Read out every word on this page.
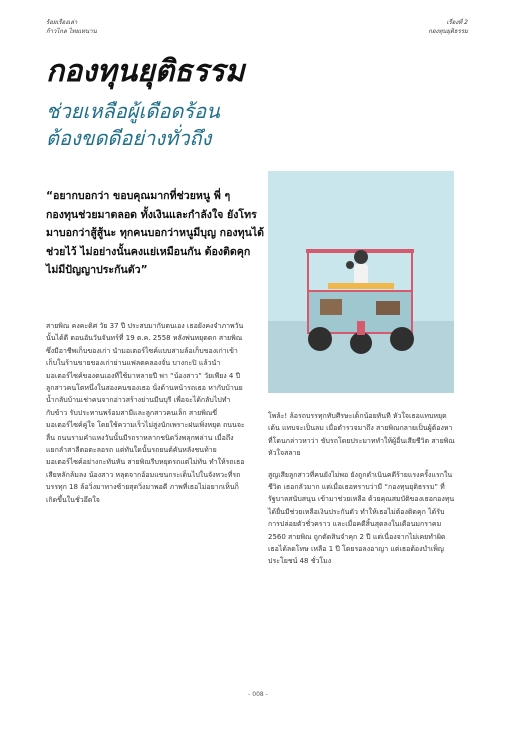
ร้อยเรื่องเล่า
ก้าวไกล ไทยเทนาน
เรื่องที่ 2
กองทุนยุติธรรม
กองทุนยุติธรรม
ช่วยเหลือผู้เดือดร้อน
ต้องขดดีอย่างทั่วถึง

“อยากบอกว่า ขอบคุณมากที่ช่วยหนู พี่ ๆ กองทุนช่วยมาตลอด ทั้งเงินและกำลังใจ ยังโทรมาบอกว่าสู้สู้นะ ทุกคนบอกว่าหนูมีบุญ กองทุนได้ช่วยไว้ ไม่อย่างนั้นคงแย่เหมือนกัน ต้องติดคุกไม่มีปัญญาประกันตัว”

สายพิณ คงคะดิศ วัย 37 ปี ประสบมากับตนเอง เธอยังคงจำภาพวันนั้นได้ดี ตอนอันวันจันทร์ที่ 19 ต.ค. 2558 หลังพ่นหยุดตก สายพิณ ซึ่งมีอาชีพเก็บของเก่า นำมอเตอร์ไซค์แบบสามล้อเก็บของเก่าเข้าเก็บในร้านขายของเก่าย่านแฟลตคลองจั่น บางกะปิ แล้วนำมอเตอร์ไซค์ของตนเองที่ใช้มาหลายปี พา “น้องสาว” วัยเพียง 4 ปี ลูกสาวคนโตหนึ่งในสองคนของเธอ นั่งด้านหน้ารถเธอ หากับบ้านยน้ำกลับบ้านเช่าคนจากอ่าวสร้างย่านมีนบุรี เพื่อจะได้กลับไปทำกับข้าว รับประทานพร้อมสามีและลูกสาวคนเล็ก สายพิณขี่มอเตอร์ไซค์คู่ใจ โดยใช้ความเร็วไม่สูงนักเพราะฝนเพิ่งหยุด ถนนจะลื่น ถนนรามคำแหงวันนั้นมีรถราหลากชนิดวิ่งพลุกพล่าน เมื่อถึงแยกลำสาลีตอตะลอรถ แต่ทันใดนั้นรถยนต์คันหลังชนท้ายมอเตอร์ไซค์อย่างกะทันหัน สายพิณรีบหยุดรถแต่ไม่ทัน ทำให้รถเธอเสียหลักล้มลง น้องสาว หลุดจากอ้อมแขนกระเด็นไปในจังหวะที่รถบรรทุก 18 ล้อวิ่งมาทางซ้ายสุดวิ่งมาพอดี ภาพที่เธอไม่อยากเห็นก็เกิดขึ้นในชั่วอึดใจ

โพล้ะ! ล้อรถบรรทุกทับศีรษะเด็กน้อยทันที หัวใจเธอแทบหยุดเต้น แทบจะเป็นลม เมื่อตำรวจมาถึง สายพิณกลายเป็นผู้ต้องหาที่โดนกล่าวหาว่า ขับรถโดยประมาททำให้ผู้อื่นเสียชีวิต สายพิณ หัวใจสลาย

สูญเสียลูกสาวที่คนยังไม่พอ ยังถูกดำเนินคดีร้ายแรงครั้งแรกในชีวิต เธอกลัวมาก แต่เมื่อเธอทราบว่ามี “กองทุนยุติธรรม” ที่รัฐบาลสนับสนุน เข้ามาช่วยเหลือ ด้วยคุณสมบัติของเธอกองทุนได้ยื่นมีช่วยเหลือเงินประกันตัว ทำให้เธอไม่ต้องติดคุก ได้รับการปล่อยตัวชั่วคราว และเมื่อคดีสิ้นสุดลงในเดือนมกราคม 2560 สายพิณ ถูกตัดสินจำคุก 2 ปี แต่เนื่องจากไม่เคยทำผิดเธอได้ลดโทษ เหลือ 1 ปี โดยรอลงอาญา แต่เธอต้องบำเพ็ญประโยชน์ 48 ชั่วโมง

- 008 -
